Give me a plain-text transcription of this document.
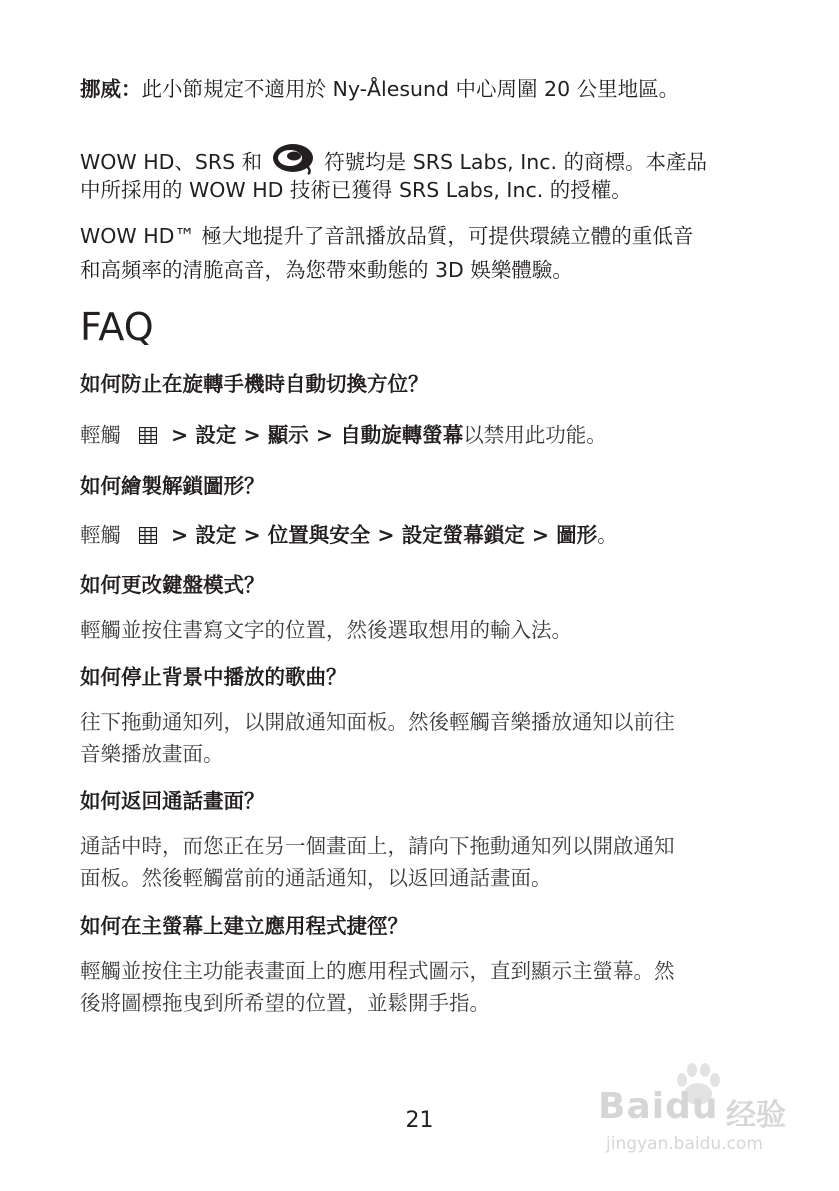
挪威：此小節規定不適用於 Ny-Ålesund 中心周圍 20 公里地區。
WOW HD、SRS 和	符號均是 SRS Labs, Inc. 的商標。本產品
中所採用的 WOW HD 技術已獲得 SRS Labs, Inc. 的授權。
WOW HD™ 極大地提升了音訊播放品質，可提供環繞立體的重低音
和高頻率的清脆高音，為您帶來動態的 3D 娛樂體驗。
FAQ
如何防止在旋轉手機時自動切換方位？
輕觸 > 設定 > 顯示 > 自動旋轉螢幕以禁用此功能。
如何繪製解鎖圖形？
輕觸 > 設定 > 位置與安全 > 設定螢幕鎖定 > 圖形。
如何更改鍵盤模式？
輕觸並按住書寫文字的位置，然後選取想用的輸入法。
如何停止背景中播放的歌曲？
往下拖動通知列，以開啟通知面板。然後輕觸音樂播放通知以前往
音樂播放畫面。
如何返回通話畫面？
通話中時，而您正在另一個畫面上，請向下拖動通知列以開啟通知
面板。然後輕觸當前的通話通知，以返回通話畫面。
如何在主螢幕上建立應用程式捷徑？
輕觸並按住主功能表畫面上的應用程式圖示，直到顯示主螢幕。然
後將圖標拖曳到所希望的位置，並鬆開手指。
21	Baidu 经验
jingyan.baidu.com
